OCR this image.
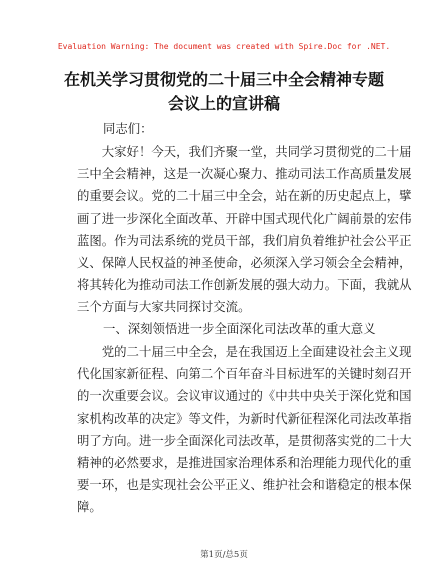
Evaluation Warning: The document was created with Spire.Doc for .NET.
在机关学习贯彻党的二十届三中全会精神专题
会议上的宣讲稿
同志们：
　　大家好！今天，我们齐聚一堂，共同学习贯彻党的二十届
三中全会精神，这是一次凝心聚力、推动司法工作高质量发展
的重要会议。党的二十届三中全会，站在新的历史起点上，擘
画了进一步深化全面改革、开辟中国式现代化广阔前景的宏伟
蓝图。作为司法系统的党员干部，我们肩负着维护社会公平正
义、保障人民权益的神圣使命，必须深入学习领会全会精神，
将其转化为推动司法工作创新发展的强大动力。下面，我就从
三个方面与大家共同探讨交流。
一、深刻领悟进一步全面深化司法改革的重大意义
　　党的二十届三中全会，是在我国迈上全面建设社会主义现
代化国家新征程、向第二个百年奋斗目标进军的关键时刻召开
的一次重要会议。会议审议通过的《中共中央关于深化党和国
家机构改革的决定》等文件，为新时代新征程深化司法改革指
明了方向。进一步全面深化司法改革，是贯彻落实党的二十大
精神的必然要求，是推进国家治理体系和治理能力现代化的重
要一环，也是实现社会公平正义、维护社会和谐稳定的根本保
障。
第1页/总5页
